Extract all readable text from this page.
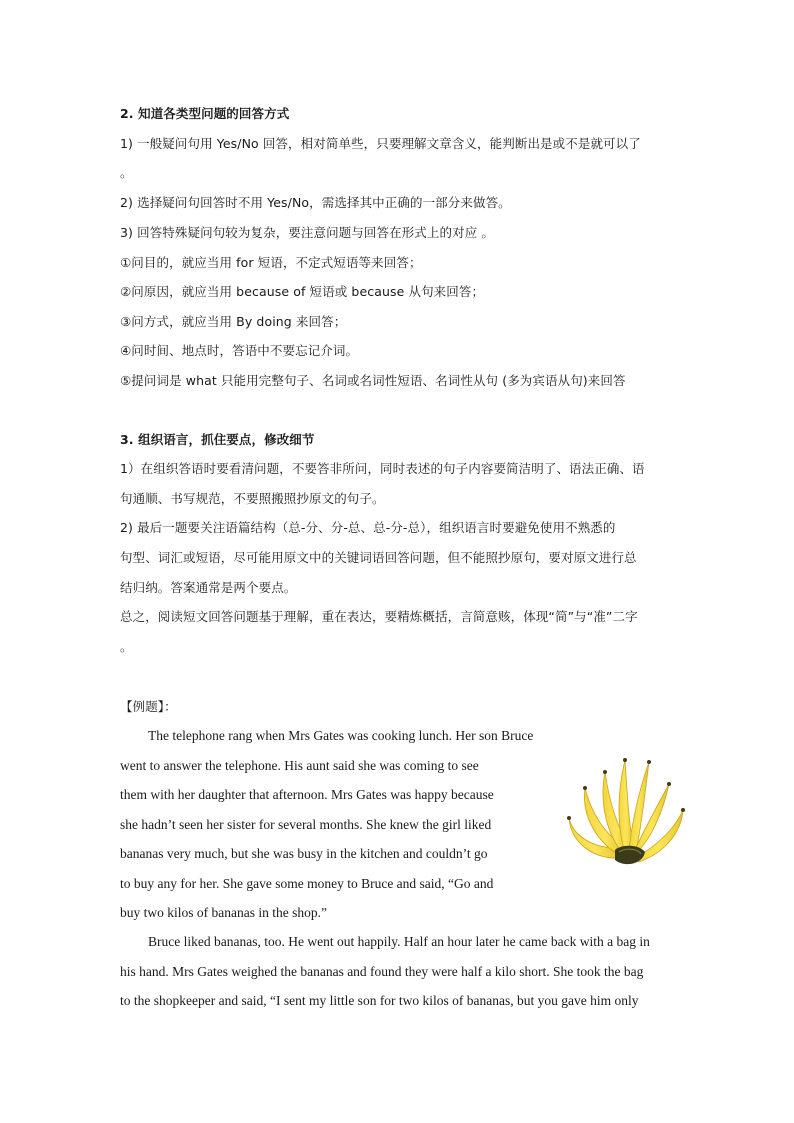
2. 知道各类型问题的回答方式
1) 一般疑问句用 Yes/No 回答，相对简单些，只要理解文章含义，能判断出是或不是就可以了
。
2) 选择疑问句回答时不用 Yes/No，需选择其中正确的一部分来做答。
3) 回答特殊疑问句较为复杂，要注意问题与回答在形式上的对应 。
①问目的，就应当用 for 短语，不定式短语等来回答；
②问原因，就应当用 because of 短语或 because 从句来回答；
③问方式，就应当用 By doing 来回答；
④问时间、地点时，答语中不要忘记介词。
⑤提问词是 what 只能用完整句子、名词或名词性短语、名词性从句 (多为宾语从句)来回答
3. 组织语言，抓住要点，修改细节
1）在组织答语时要看清问题，不要答非所问，同时表述的句子内容要简洁明了、语法正确、语
句通顺、书写规范，不要照搬照抄原文的句子。
2) 最后一题要关注语篇结构（总-分、分-总、总-分-总），组织语言时要避免使用不熟悉的
句型、词汇或短语，尽可能用原文中的关键词语回答问题，但不能照抄原句，要对原文进行总
结归纳。答案通常是两个要点。
总之，阅读短文回答问题基于理解，重在表达，要精炼概括，言简意赅，体现“简”与“准”二字
。
【例题】：
The telephone rang when Mrs Gates was cooking lunch. Her son Bruce
went to answer the telephone. His aunt said she was coming to see
them with her daughter that afternoon. Mrs Gates was happy because
she hadn’t seen her sister for several months. She knew the girl liked
bananas very much, but she was busy in the kitchen and couldn’t go
to buy any for her. She gave some money to Bruce and said, “Go and
buy two kilos of bananas in the shop.”
Bruce liked bananas, too. He went out happily. Half an hour later he came back with a bag in
his hand. Mrs Gates weighed the bananas and found they were half a kilo short. She took the bag
to the shopkeeper and said, “I sent my little son for two kilos of bananas, but you gave him only
